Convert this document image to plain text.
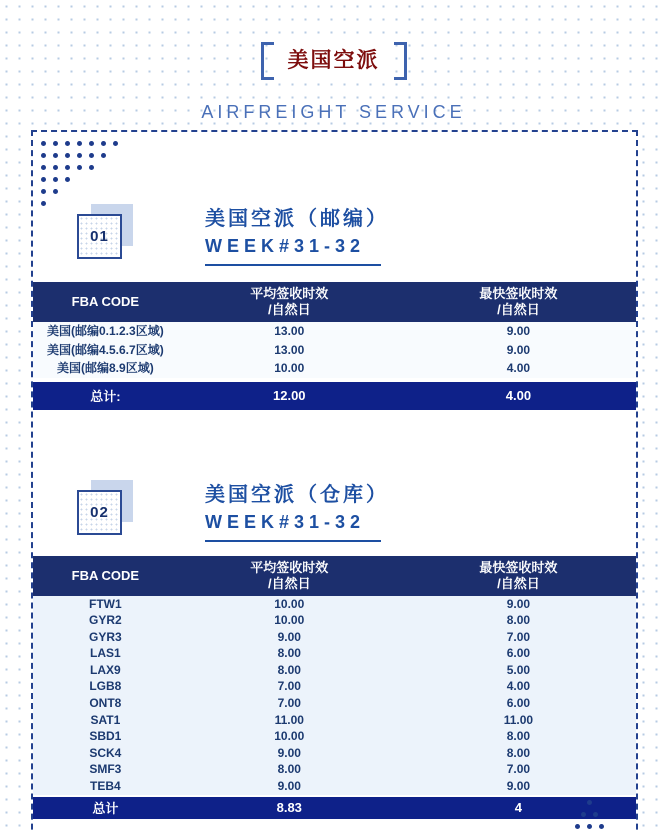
美国空派
AIRFREIGHT SERVICE
01
美国空派（邮编）
WEEK#31-32
FBA CODE
平均签收时效
/自然日
最快签收时效
/自然日
美国(邮编0.1.2.3区域)	13.00	9.00
美国(邮编4.5.6.7区域)	13.00	9.00
美国(邮编8.9区域)	10.00	4.00
总计:	12.00	4.00
02
美国空派（仓库）
WEEK#31-32
FBA CODE
平均签收时效
/自然日
最快签收时效
/自然日
FTW1	10.00	9.00
GYR2	10.00	8.00
GYR3	9.00	7.00
LAS1	8.00	6.00
LAX9	8.00	5.00
LGB8	7.00	4.00
ONT8	7.00	6.00
SAT1	11.00	11.00
SBD1	10.00	8.00
SCK4	9.00	8.00
SMF3	8.00	7.00
TEB4	9.00	9.00
总计	8.83	4
